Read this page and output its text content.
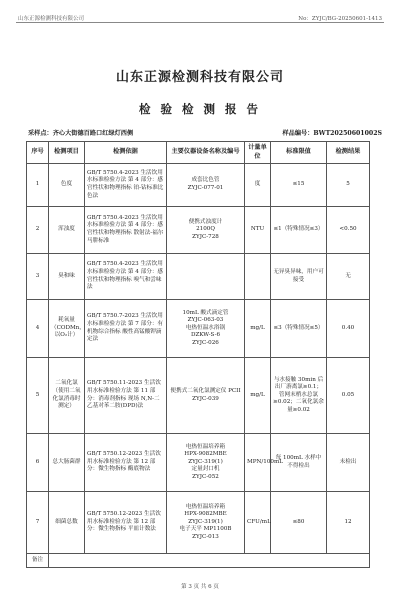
山东正源检测科技有限公司	No：ZYJC/BG-20250601-1413
山东正源检测科技有限公司
检 验 检 测 报 告
采样点：齐心大街德百路口红绿灯西侧	样品编号：BWT20250601002S
序号	检测项目	检测依据	主要仪器设备名称及编号	计量单位	标准限值	检测结果
1	色度	GB/T 5750.4-2023 生活饮用水标准检验方法 第 4 部分：感官性状和物理指标 铂-钴标准比色法	成套比色管
ZYJC-077-01	度	≤15	5
2	浑浊度	GB/T 5750.4-2023 生活饮用水标准检验方法 第 4 部分：感官性状和物理指标 散射法-福尔马肼标准	便携式浊度计
2100Q
ZYJC-728	NTU	≤1（特殊情况≤3）	<0.50
3	臭和味	GB/T 5750.4-2023 生活饮用水标准检验方法 第 4 部分：感官性状和物理指标 嗅气和尝味法			无异臭异味，用户可接受	无
4	耗氧量（CODMn，以O₂计）	GB/T 5750.7-2023 生活饮用水标准检验方法 第 7 部分：有机物综合指标 酸性高锰酸钾滴定法	10mL 酸式滴定管
ZYJC-063-03
电热恒温水浴锅
DZKW-S-6
ZYJC-026	mg/L	≤3（特殊情况≤5）	0.40
5	二氧化氯（使用二氧化氯消毒时测定）	GB/T 5750.11-2023 生活饮用水标准检验方法 第 11 部分：消毒剂指标 现场 N,N-二乙基对苯二胺(DPD)法	便携式二氧化氯测定仪 PCII
ZYJC-039	mg/L	与水接触 30min 后出厂游离氯≥0.1；管网末梢水总氯≥0.02；二氧化氯余量≥0.02	0.05
6	总大肠菌群	GB/T 5750.12-2023 生活饮用水标准检验方法 第 12 部分：微生物指标 酶底物法	电热恒温培养箱
HPX-9082MBE
ZYJC-319(1)
定量封口机
ZYJC-052	MPN/100mL	每 100mL 水样中不得检出	未检出
7	细菌总数	GB/T 5750.12-2023 生活饮用水标准检验方法 第 12 部分：微生物指标 平皿计数法	电热恒温培养箱
HPX-9082MBE
ZYJC-319(1)
电子天平 MP1100B
ZYJC-013	CFU/mL	≤80	12
备注						
第 3 页 共 6 页
